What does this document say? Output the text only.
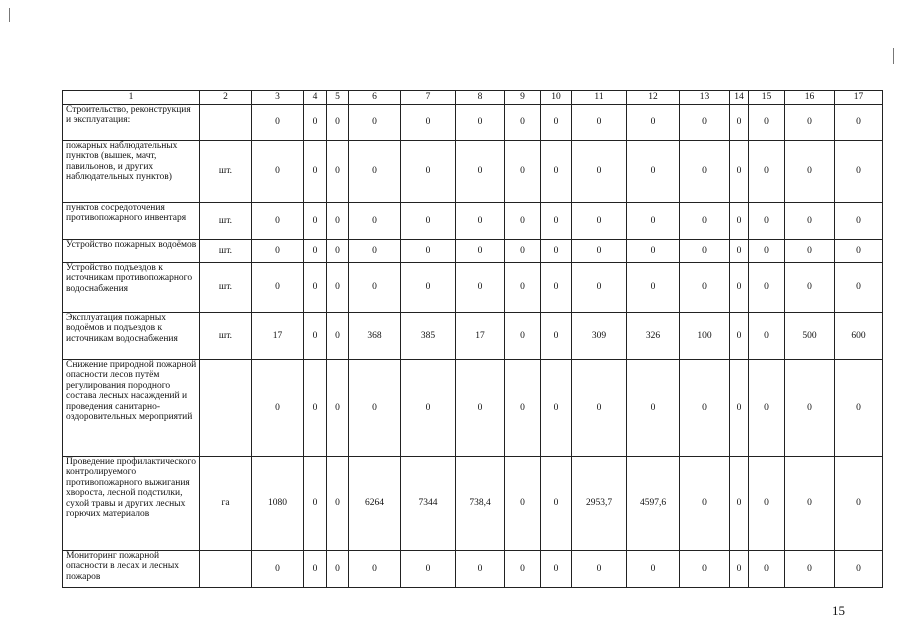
1	2	3	4	5	6	7	8	9	10	11	12	13	14	15	16	17
Строительство, реконструкция и эксплуатация:		0	0	0	0	0	0	0	0	0	0	0	0	0	0	0
пожарных наблюдательных пунктов (вышек, мачт, павильонов, и других наблюдательных пунктов)	шт.	0	0	0	0	0	0	0	0	0	0	0	0	0	0	0
пунктов сосредоточения противопожарного инвентаря	шт.	0	0	0	0	0	0	0	0	0	0	0	0	0	0	0
Устройство пожарных водоёмов	шт.	0	0	0	0	0	0	0	0	0	0	0	0	0	0	0
Устройство подъездов к источникам противопожарного водоснабжения	шт.	0	0	0	0	0	0	0	0	0	0	0	0	0	0	0
Эксплуатация пожарных водоёмов и подъездов к источникам водоснабжения	шт.	17	0	0	368	385	17	0	0	309	326	100	0	0	500	600
Снижение природной пожарной опасности лесов путём регулирования породного состава лесных насаждений и проведения санитарно-оздоровительных мероприятий		0	0	0	0	0	0	0	0	0	0	0	0	0	0	0
Проведение профилактического контролируемого противопожарного выжигания хвороста, лесной подстилки, сухой травы и других лесных горючих материалов	га	1080	0	0	6264	7344	738,4	0	0	2953,7	4597,6	0	0	0	0	0
Мониторинг пожарной опасности в лесах и лесных пожаров		0	0	0	0	0	0	0	0	0	0	0	0	0	0	0
15
